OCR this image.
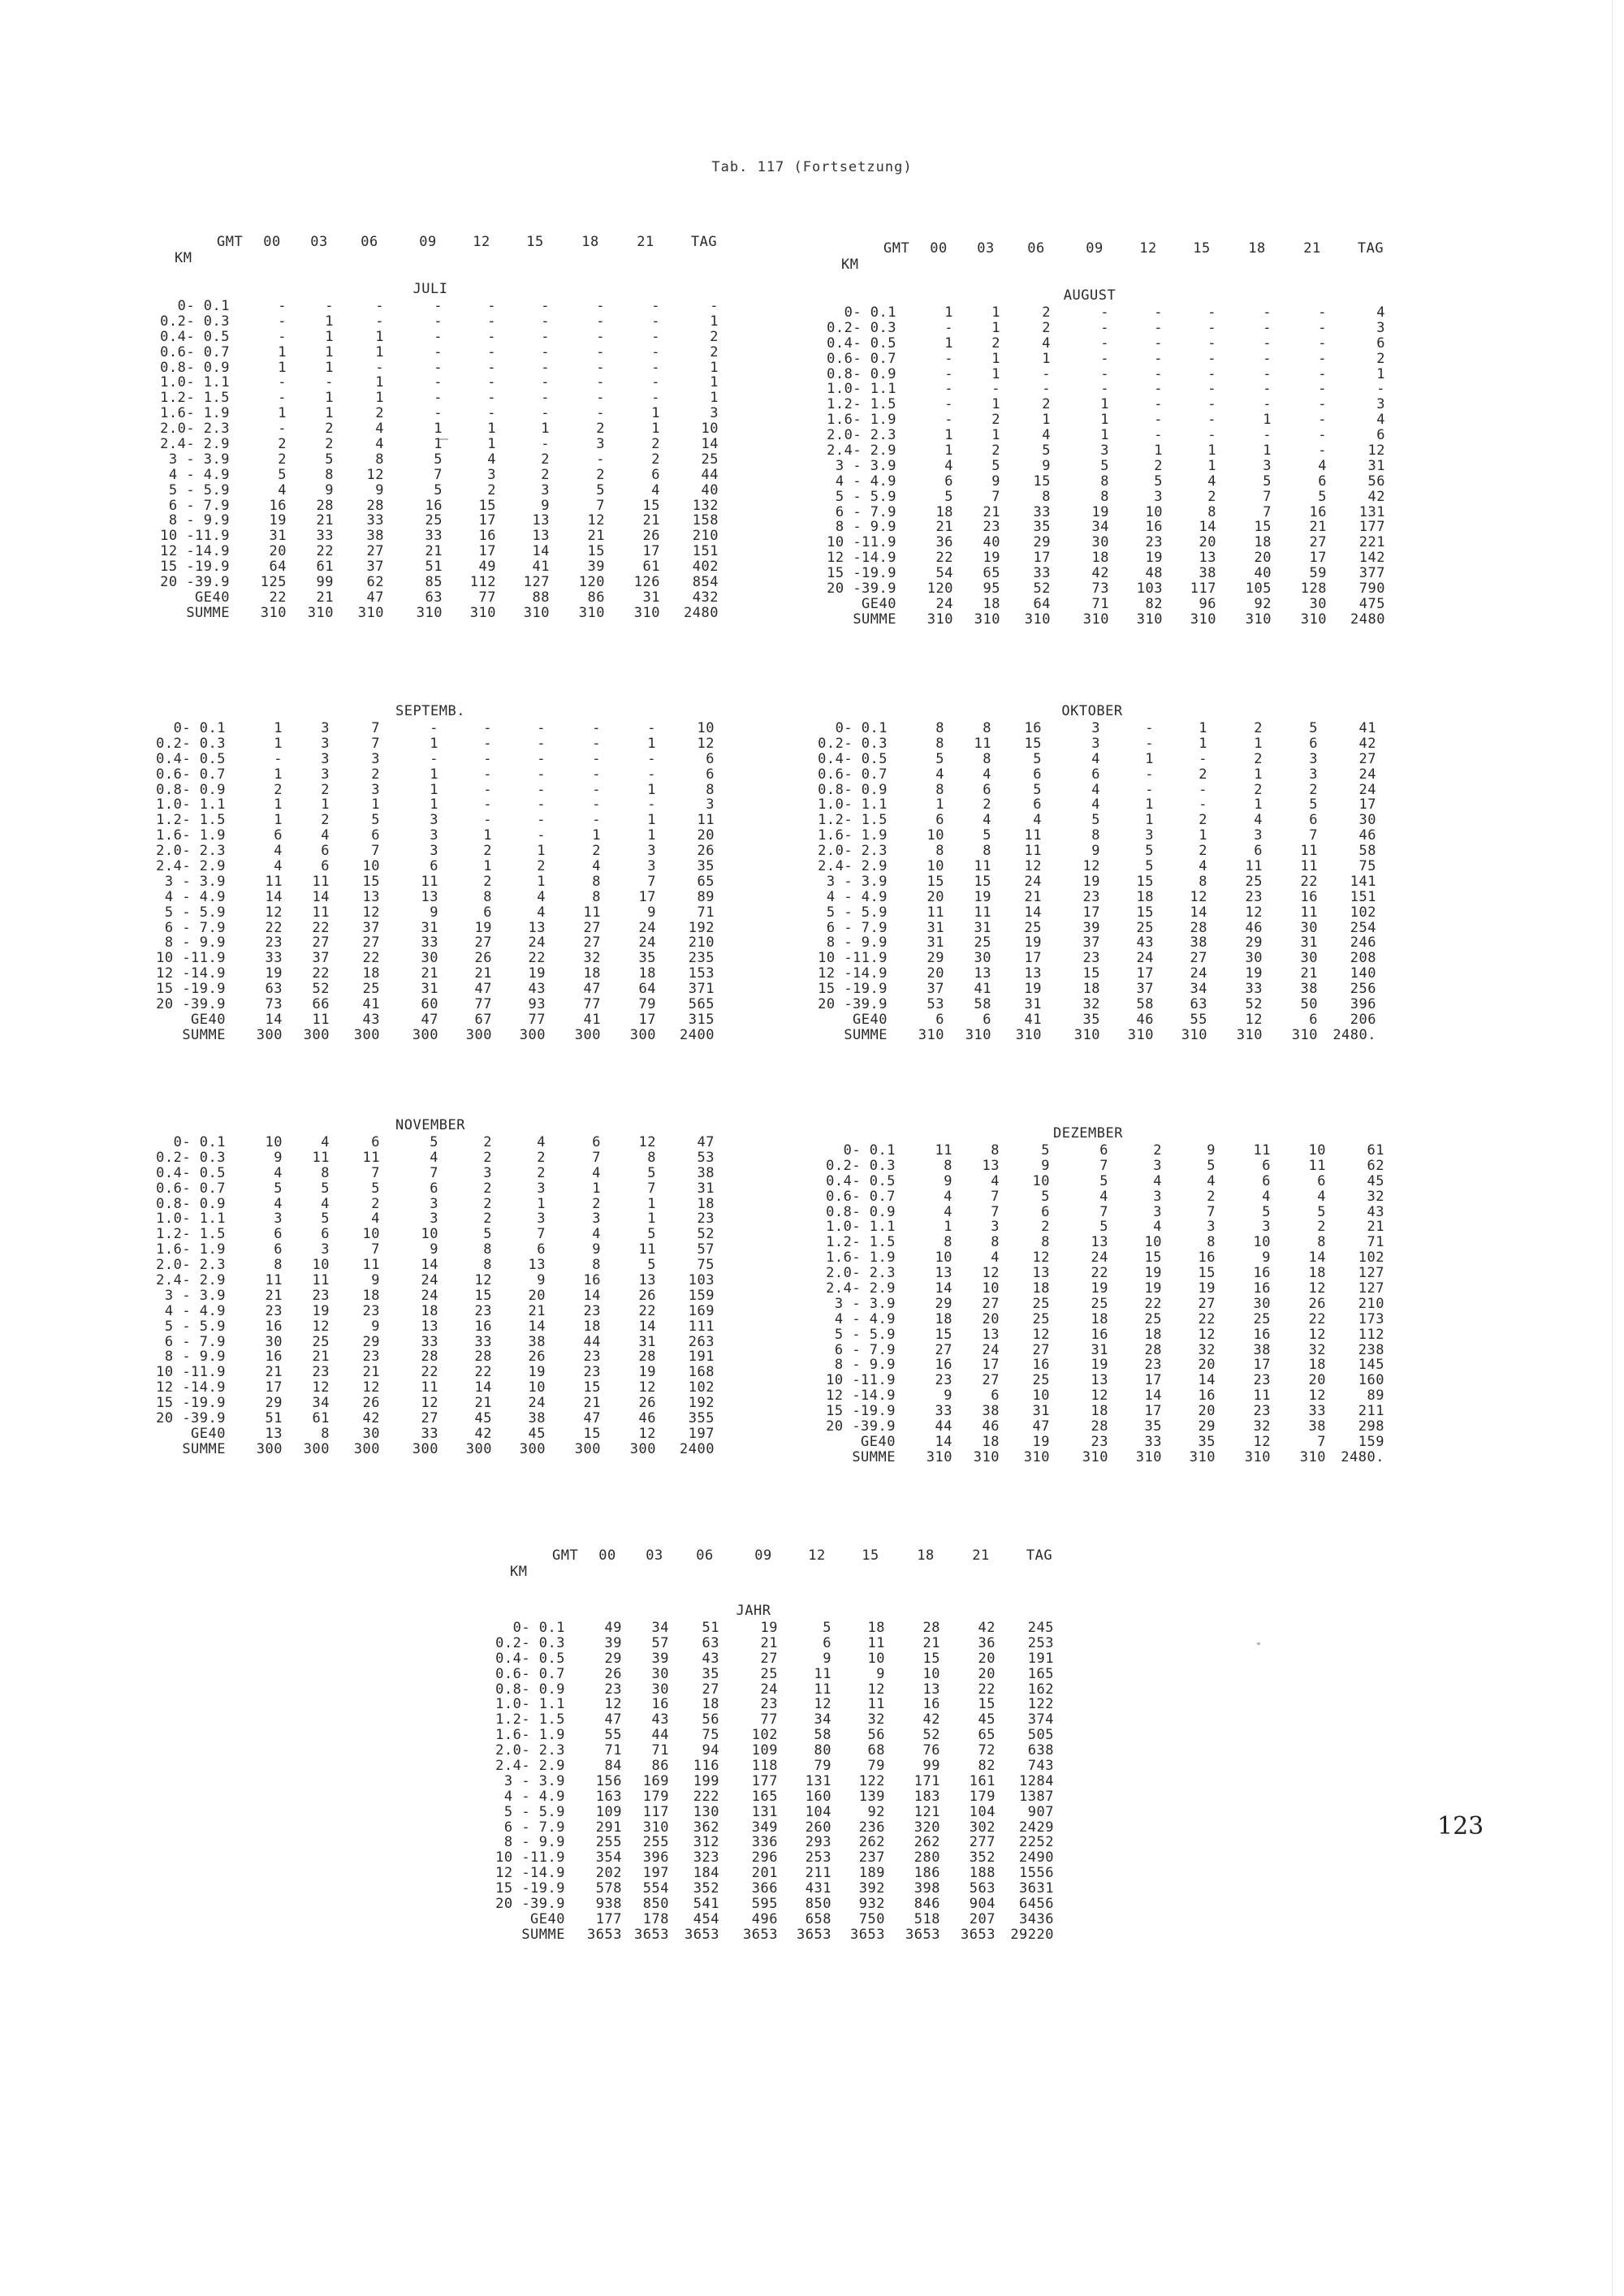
Tab. 117 (Fortsetzung)
GMT
KM
00	03	06	09	12	15	18	21	TAG
JULI
0- 0.1	-	-	-	-	-	-	-	-	-
0.2- 0.3	-	1	-	-	-	-	-	-	1
0.4- 0.5	-	1	1	-	-	-	-	-	2
0.6- 0.7	1	1	1	-	-	-	-	-	2
0.8- 0.9	1	1	-	-	-	-	-	-	1
1.0- 1.1	-	-	1	-	-	-	-	-	1
1.2- 1.5	-	1	1	-	-	-	-	-	1
1.6- 1.9	1	1	2	-	-	-	-	1	3
2.0- 2.3	-	2	4	1	1	1	2	1	10
2.4- 2.9	2	2	4	1	1	-	3	2	14
3 - 3.9	2	5	8	5	4	2	-	2	25
4 - 4.9	5	8	12	7	3	2	2	6	44
5 - 5.9	4	9	9	5	2	3	5	4	40
6 - 7.9	16	28	28	16	15	9	7	15	132
8 - 9.9	19	21	33	25	17	13	12	21	158
10 -11.9	31	33	38	33	16	13	21	26	210
12 -14.9	20	22	27	21	17	14	15	17	151
15 -19.9	64	61	37	51	49	41	39	61	402
20 -39.9	125	99	62	85	112	127	120	126	854
GE40	22	21	47	63	77	88	86	31	432
SUMME	310	310	310	310	310	310	310	310	2480
GMT
KM
00	03	06	09	12	15	18	21	TAG
AUGUST
0- 0.1	1	1	2	-	-	-	-	-	4
0.2- 0.3	-	1	2	-	-	-	-	-	3
0.4- 0.5	1	2	4	-	-	-	-	-	6
0.6- 0.7	-	1	1	-	-	-	-	-	2
0.8- 0.9	-	1	-	-	-	-	-	-	1
1.0- 1.1	-	-	-	-	-	-	-	-	-
1.2- 1.5	-	1	2	1	-	-	-	-	3
1.6- 1.9	-	2	1	1	-	-	1	-	4
2.0- 2.3	1	1	4	1	-	-	-	-	6
2.4- 2.9	1	2	5	3	1	1	1	-	12
3 - 3.9	4	5	9	5	2	1	3	4	31
4 - 4.9	6	9	15	8	5	4	5	6	56
5 - 5.9	5	7	8	8	3	2	7	5	42
6 - 7.9	18	21	33	19	10	8	7	16	131
8 - 9.9	21	23	35	34	16	14	15	21	177
10 -11.9	36	40	29	30	23	20	18	27	221
12 -14.9	22	19	17	18	19	13	20	17	142
15 -19.9	54	65	33	42	48	38	40	59	377
20 -39.9	120	95	52	73	103	117	105	128	790
GE40	24	18	64	71	82	96	92	30	475
SUMME	310	310	310	310	310	310	310	310	2480
SEPTEMB.
0- 0.1	1	3	7	-	-	-	-	-	10
0.2- 0.3	1	3	7	1	-	-	-	1	12
0.4- 0.5	-	3	3	-	-	-	-	-	6
0.6- 0.7	1	3	2	1	-	-	-	-	6
0.8- 0.9	2	2	3	1	-	-	-	1	8
1.0- 1.1	1	1	1	1	-	-	-	-	3
1.2- 1.5	1	2	5	3	-	-	-	1	11
1.6- 1.9	6	4	6	3	1	-	1	1	20
2.0- 2.3	4	6	7	3	2	1	2	3	26
2.4- 2.9	4	6	10	6	1	2	4	3	35
3 - 3.9	11	11	15	11	2	1	8	7	65
4 - 4.9	14	14	13	13	8	4	8	17	89
5 - 5.9	12	11	12	9	6	4	11	9	71
6 - 7.9	22	22	37	31	19	13	27	24	192
8 - 9.9	23	27	27	33	27	24	27	24	210
10 -11.9	33	37	22	30	26	22	32	35	235
12 -14.9	19	22	18	21	21	19	18	18	153
15 -19.9	63	52	25	31	47	43	47	64	371
20 -39.9	73	66	41	60	77	93	77	79	565
GE40	14	11	43	47	67	77	41	17	315
SUMME	300	300	300	300	300	300	300	300	2400
OKTOBER
0- 0.1	8	8	16	3	-	1	2	5	41
0.2- 0.3	8	11	15	3	-	1	1	6	42
0.4- 0.5	5	8	5	4	1	-	2	3	27
0.6- 0.7	4	4	6	6	-	2	1	3	24
0.8- 0.9	8	6	5	4	-	-	2	2	24
1.0- 1.1	1	2	6	4	1	-	1	5	17
1.2- 1.5	6	4	4	5	1	2	4	6	30
1.6- 1.9	10	5	11	8	3	1	3	7	46
2.0- 2.3	8	8	11	9	5	2	6	11	58
2.4- 2.9	10	11	12	12	5	4	11	11	75
3 - 3.9	15	15	24	19	15	8	25	22	141
4 - 4.9	20	19	21	23	18	12	23	16	151
5 - 5.9	11	11	14	17	15	14	12	11	102
6 - 7.9	31	31	25	39	25	28	46	30	254
8 - 9.9	31	25	19	37	43	38	29	31	246
10 -11.9	29	30	17	23	24	27	30	30	208
12 -14.9	20	13	13	15	17	24	19	21	140
15 -19.9	37	41	19	18	37	34	33	38	256
20 -39.9	53	58	31	32	58	63	52	50	396
GE40	6	6	41	35	46	55	12	6	206
SUMME	310	310	310	310	310	310	310	310	2480.
NOVEMBER
0- 0.1	10	4	6	5	2	4	6	12	47
0.2- 0.3	9	11	11	4	2	2	7	8	53
0.4- 0.5	4	8	7	7	3	2	4	5	38
0.6- 0.7	5	5	5	6	2	3	1	7	31
0.8- 0.9	4	4	2	3	2	1	2	1	18
1.0- 1.1	3	5	4	3	2	3	3	1	23
1.2- 1.5	6	6	10	10	5	7	4	5	52
1.6- 1.9	6	3	7	9	8	6	9	11	57
2.0- 2.3	8	10	11	14	8	13	8	5	75
2.4- 2.9	11	11	9	24	12	9	16	13	103
3 - 3.9	21	23	18	24	15	20	14	26	159
4 - 4.9	23	19	23	18	23	21	23	22	169
5 - 5.9	16	12	9	13	16	14	18	14	111
6 - 7.9	30	25	29	33	33	38	44	31	263
8 - 9.9	16	21	23	28	28	26	23	28	191
10 -11.9	21	23	21	22	22	19	23	19	168
12 -14.9	17	12	12	11	14	10	15	12	102
15 -19.9	29	34	26	12	21	24	21	26	192
20 -39.9	51	61	42	27	45	38	47	46	355
GE40	13	8	30	33	42	45	15	12	197
SUMME	300	300	300	300	300	300	300	300	2400
DEZEMBER
0- 0.1	11	8	5	6	2	9	11	10	61
0.2- 0.3	8	13	9	7	3	5	6	11	62
0.4- 0.5	9	4	10	5	4	4	6	6	45
0.6- 0.7	4	7	5	4	3	2	4	4	32
0.8- 0.9	4	7	6	7	3	7	5	5	43
1.0- 1.1	1	3	2	5	4	3	3	2	21
1.2- 1.5	8	8	8	13	10	8	10	8	71
1.6- 1.9	10	4	12	24	15	16	9	14	102
2.0- 2.3	13	12	13	22	19	15	16	18	127
2.4- 2.9	14	10	18	19	19	19	16	12	127
3 - 3.9	29	27	25	25	22	27	30	26	210
4 - 4.9	18	20	25	18	25	22	25	22	173
5 - 5.9	15	13	12	16	18	12	16	12	112
6 - 7.9	27	24	27	31	28	32	38	32	238
8 - 9.9	16	17	16	19	23	20	17	18	145
10 -11.9	23	27	25	13	17	14	23	20	160
12 -14.9	9	6	10	12	14	16	11	12	89
15 -19.9	33	38	31	18	17	20	23	33	211
20 -39.9	44	46	47	28	35	29	32	38	298
GE40	14	18	19	23	33	35	12	7	159
SUMME	310	310	310	310	310	310	310	310	2480.
GMT
KM
00	03	06	09	12	15	18	21	TAG
JAHR
0- 0.1	49	34	51	19	5	18	28	42	245
0.2- 0.3	39	57	63	21	6	11	21	36	253
0.4- 0.5	29	39	43	27	9	10	15	20	191
0.6- 0.7	26	30	35	25	11	9	10	20	165
0.8- 0.9	23	30	27	24	11	12	13	22	162
1.0- 1.1	12	16	18	23	12	11	16	15	122
1.2- 1.5	47	43	56	77	34	32	42	45	374
1.6- 1.9	55	44	75	102	58	56	52	65	505
2.0- 2.3	71	71	94	109	80	68	76	72	638
2.4- 2.9	84	86	116	118	79	79	99	82	743
3 - 3.9	156	169	199	177	131	122	171	161	1284
4 - 4.9	163	179	222	165	160	139	183	179	1387
5 - 5.9	109	117	130	131	104	92	121	104	907
6 - 7.9	291	310	362	349	260	236	320	302	2429
8 - 9.9	255	255	312	336	293	262	262	277	2252
10 -11.9	354	396	323	296	253	237	280	352	2490
12 -14.9	202	197	184	201	211	189	186	188	1556
15 -19.9	578	554	352	366	431	392	398	563	3631
20 -39.9	938	850	541	595	850	932	846	904	6456
GE40	177	178	454	496	658	750	518	207	3436
SUMME	3653 3653	3653	3653	3653	3653	3653	3653	29220
123
